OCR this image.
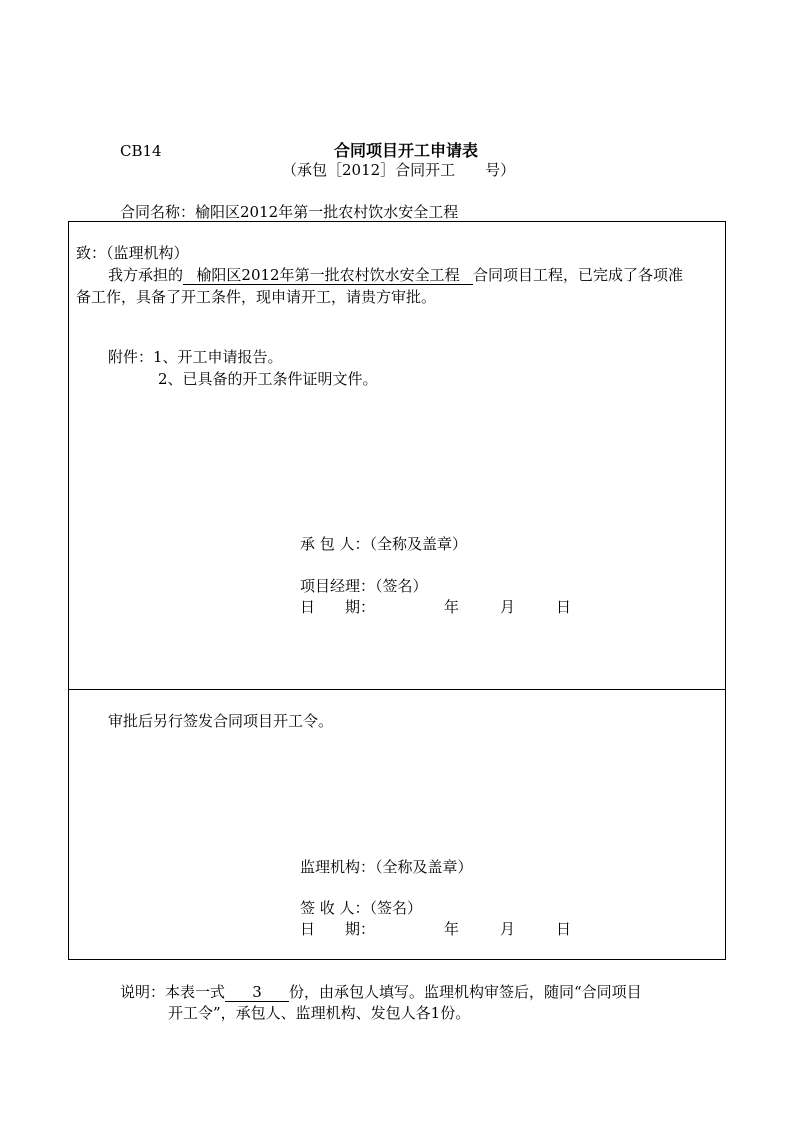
CB14	合同项目开工申请表
（承包［2012］合同开工　　号）
合同名称：榆阳区2012年第一批农村饮水安全工程
致：（监理机构）
我方承担的 榆阳区2012年第一批农村饮水安全工程 合同项目工程，已完成了各项准
备工作，具备了开工条件，现申请开工，请贵方审批。
附件：1、开工申请报告。
2、已具备的开工条件证明文件。
承 包 人：（全称及盖章）
项目经理：（签名）
日　　期：	年	月	日
审批后另行签发合同项目开工令。
监理机构：（全称及盖章）
签 收 人：（签名）
日　　期：	年	月	日
说明：本表一式 3 份，由承包人填写。监理机构审签后，随同“合同项目
开工令”，承包人、监理机构、发包人各1份。
